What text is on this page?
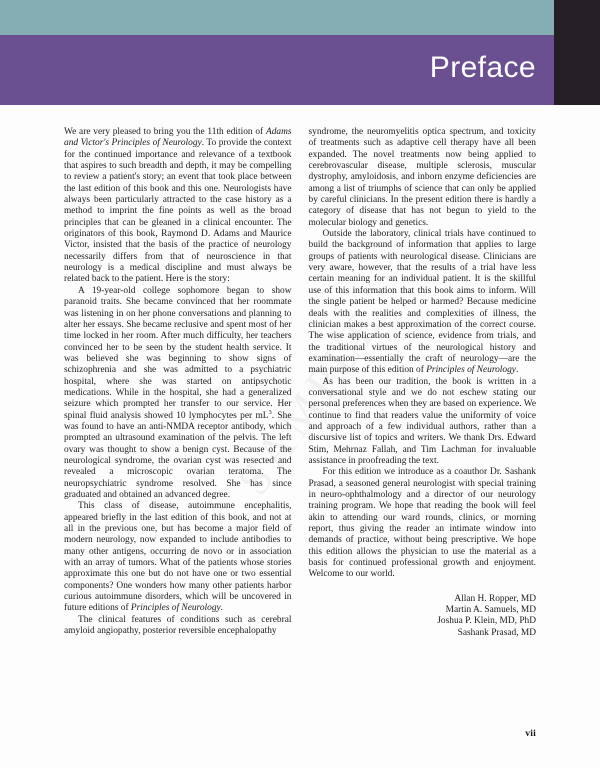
Preface

We are very pleased to bring you the 11th edition of Adams and Victor's Principles of Neurology. To provide the context for the continued importance and relevance of a textbook that aspires to such breadth and depth, it may be compelling to review a patient's story; an event that took place between the last edition of this book and this one. Neurologists have always been particularly attracted to the case history as a method to imprint the fine points as well as the broad principles that can be gleaned in a clinical encounter. The originators of this book, Raymond D. Adams and Maurice Victor, insisted that the basis of the practice of neurology necessarily differs from that of neuroscience in that neurology is a medical discipline and must always be related back to the patient. Here is the story:

A 19-year-old college sophomore began to show paranoid traits. She became convinced that her roommate was listening in on her phone conversations and planning to alter her essays. She became reclusive and spent most of her time locked in her room. After much difficulty, her teachers convinced her to be seen by the student health service. It was believed she was beginning to show signs of schizophrenia and she was admitted to a psychiatric hospital, where she was started on antipsychotic medications. While in the hospital, she had a generalized seizure which prompted her transfer to our service. Her spinal fluid analysis showed 10 lymphocytes per mL$^3$. She was found to have an anti-NMDA receptor antibody, which prompted an ultrasound examination of the pelvis. The left ovary was thought to show a benign cyst. Because of the neurological syndrome, the ovarian cyst was resected and revealed a microscopic ovarian teratoma. The neuropsychiatric syndrome resolved. She has since graduated and obtained an advanced degree.

This class of disease, autoimmune encephalitis, appeared briefly in the last edition of this book, and not at all in the previous one, but has become a major field of modern neurology, now expanded to include antibodies to many other antigens, occurring de novo or in association with an array of tumors. What of the patients whose stories approximate this one but do not have one or two essential components? One wonders how many other patients harbor curious autoimmune disorders, which will be uncovered in future editions of Principles of Neurology.

The clinical features of conditions such as cerebral amyloid angiopathy, posterior reversible encephalopathy

syndrome, the neuromyelitis optica spectrum, and toxicity of treatments such as adaptive cell therapy have all been expanded. The novel treatments now being applied to cerebrovascular disease, multiple sclerosis, muscular dystrophy, amyloidosis, and inborn enzyme deficiencies are among a list of triumphs of science that can only be applied by careful clinicians. In the present edition there is hardly a category of disease that has not begun to yield to the molecular biology and genetics.

Outside the laboratory, clinical trials have continued to build the background of information that applies to large groups of patients with neurological disease. Clinicians are very aware, however, that the results of a trial have less certain meaning for an individual patient. It is the skillful use of this information that this book aims to inform. Will the single patient be helped or harmed? Because medicine deals with the realities and complexities of illness, the clinician makes a best approximation of the correct course. The wise application of science, evidence from trials, and the traditional virtues of the neurological history and examination—essentially the craft of neurology—are the main purpose of this edition of Principles of Neurology.

As has been our tradition, the book is written in a conversational style and we do not eschew stating our personal preferences when they are based on experience. We continue to find that readers value the uniformity of voice and approach of a few individual authors, rather than a discursive list of topics and writers. We thank Drs. Edward Stim, Mehrnaz Fallah, and Tim Lachman for invaluable assistance in proofreading the text.

For this edition we introduce as a coauthor Dr. Sashank Prasad, a seasoned general neurologist with special training in neuro-ophthalmology and a director of our neurology training program. We hope that reading the book will feel akin to attending our ward rounds, clinics, or morning report, thus giving the reader an intimate window into demands of practice, without being prescriptive. We hope this edition allows the physician to use the material as a basis for continued professional growth and enjoyment. Welcome to our world.

Allan H. Ropper, MD
Martin A. Samuels, MD
Joshua P. Klein, MD, PhD
Sashank Prasad, MD
vii
